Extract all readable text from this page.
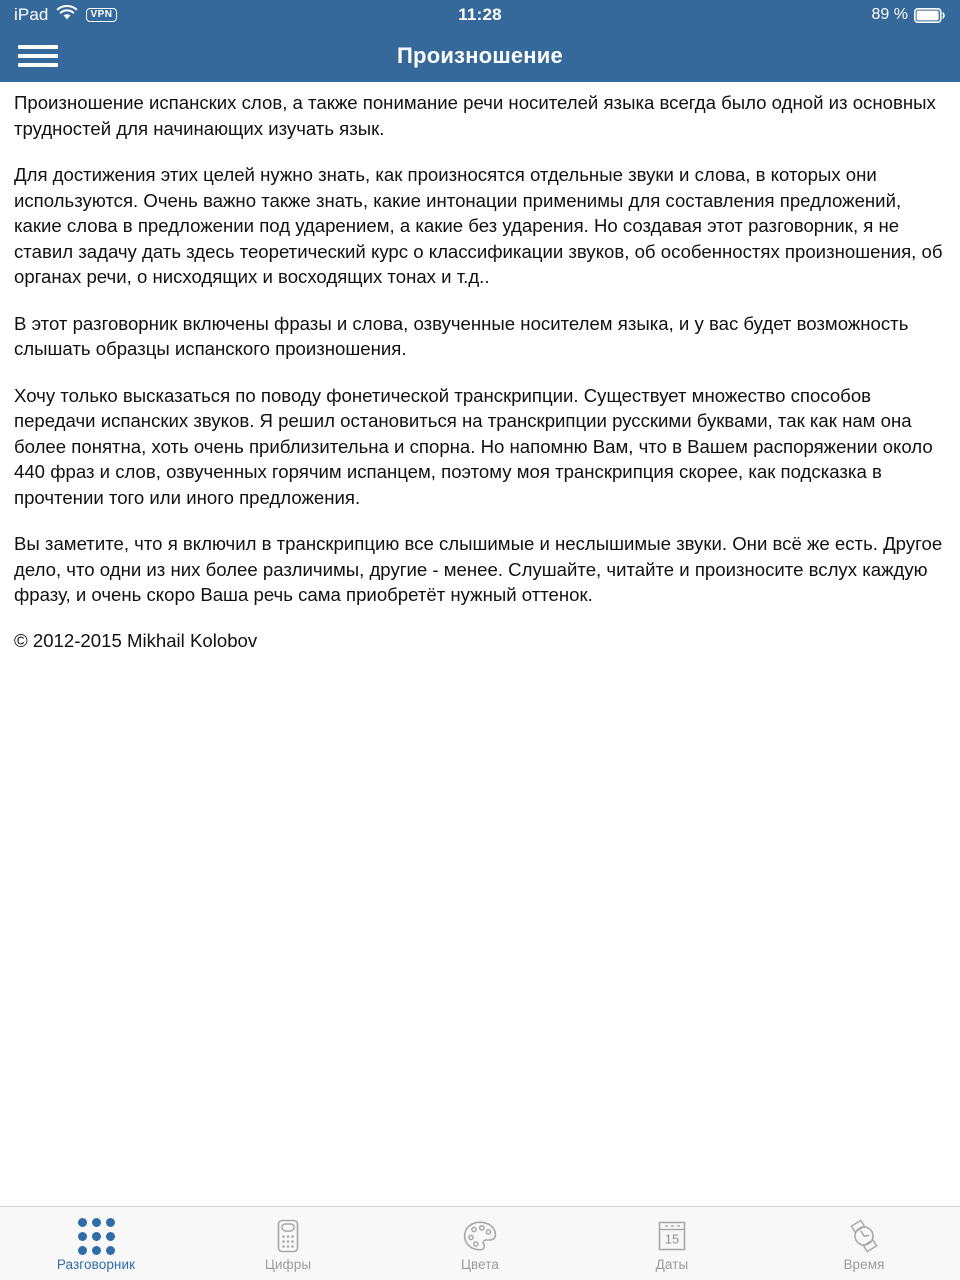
11:28
iPad	VPN	89 %
Произношение

Произношение испанских слов, а также понимание речи носителей языка всегда было одной из основных трудностей для начинающих изучать язык.

Для достижения этих целей нужно знать, как произносятся отдельные звуки и слова, в которых они используются. Очень важно также знать, какие интонации применимы для составления предложений, какие слова в предложении под ударением, а какие без ударения. Но создавая этот разговорник, я не ставил задачу дать здесь теоретический курс о классификации звуков, об особенностях произношения, об органах речи, о нисходящих и восходящих тонах и т.д..

В этот разговорник включены фразы и слова, озвученные носителем языка, и у вас будет возможность слышать образцы испанского произношения.

Хочу только высказаться по поводу фонетической транскрипции. Существует множество способов передачи испанских звуков. Я решил остановиться на транскрипции русскими буквами, так как нам она более понятна, хоть очень приблизительна и спорна. Но напомню Вам, что в Вашем распоряжении около 440 фраз и слов, озвученных горячим испанцем, поэтому моя транскрипция скорее, как подсказка в прочтении того или иного предложения.

Вы заметите, что я включил в транскрипцию все слышимые и неслышимые звуки. Они всё же есть. Другое дело, что одни из них более различимы, другие - менее. Слушайте, читайте и произносите вслух каждую фразу, и очень скоро Ваша речь сама приобретёт нужный оттенок.

© 2012-2015 Mikhail Kolobov
Разговорник	Цифры	Цвета
15
Даты	Время
